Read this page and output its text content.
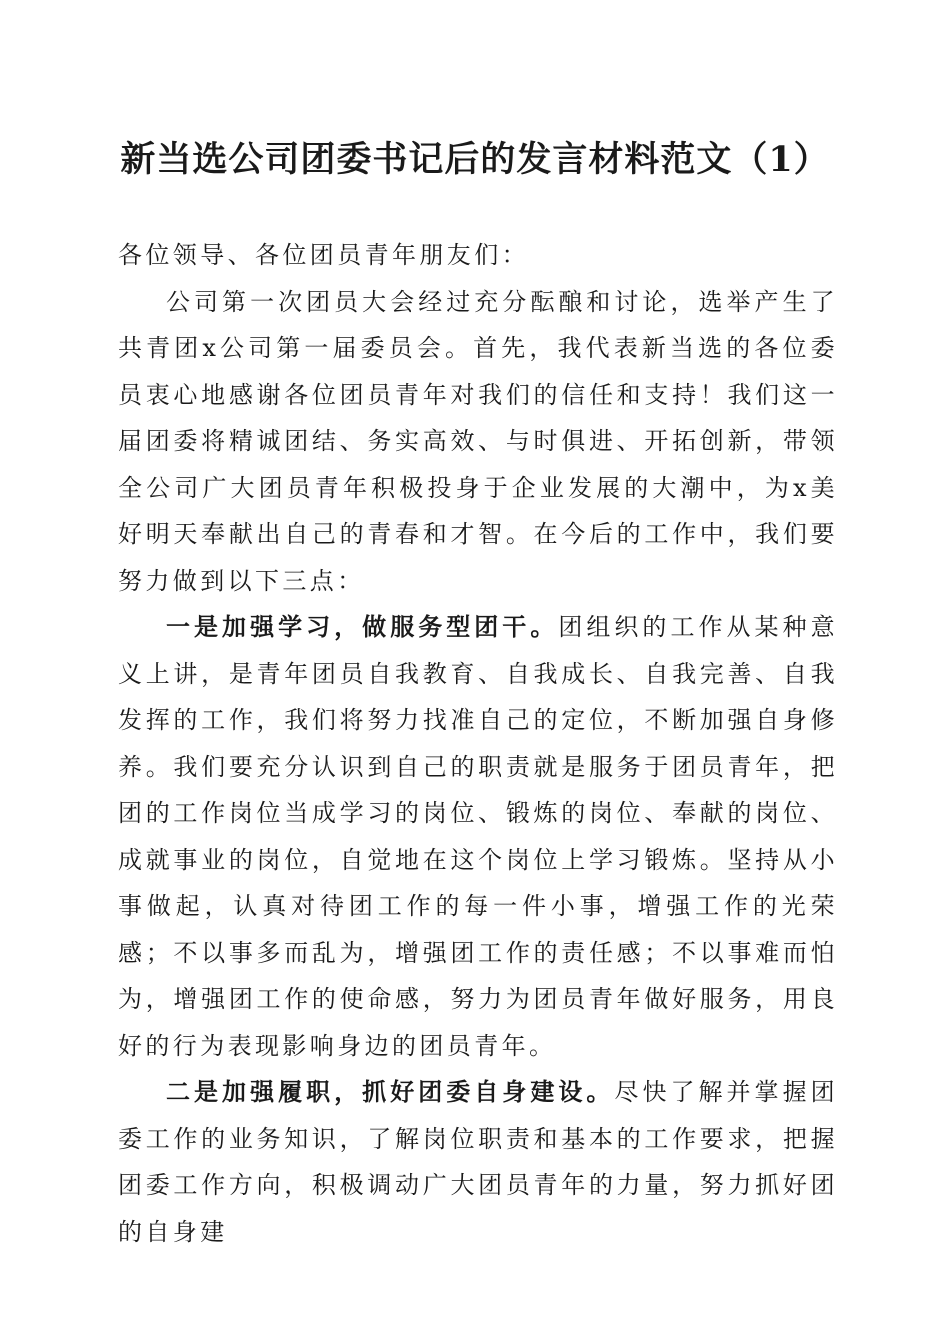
新当选公司团委书记后的发言材料范文（1）

各位领导、各位团员青年朋友们：

公司第一次团员大会经过充分酝酿和讨论，选举产生了共青团x公司第一届委员会。首先，我代表新当选的各位委员衷心地感谢各位团员青年对我们的信任和支持！我们这一届团委将精诚团结、务实高效、与时俱进、开拓创新，带领全公司广大团员青年积极投身于企业发展的大潮中，为x美好明天奉献出自己的青春和才智。在今后的工作中，我们要努力做到以下三点：

一是加强学习，做服务型团干。团组织的工作从某种意义上讲，是青年团员自我教育、自我成长、自我完善、自我发挥的工作，我们将努力找准自己的定位，不断加强自身修养。我们要充分认识到自己的职责就是服务于团员青年，把团的工作岗位当成学习的岗位、锻炼的岗位、奉献的岗位、成就事业的岗位，自觉地在这个岗位上学习锻炼。坚持从小事做起，认真对待团工作的每一件小事，增强工作的光荣感；不以事多而乱为，增强团工作的责任感；不以事难而怕为，增强团工作的使命感，努力为团员青年做好服务，用良好的行为表现影响身边的团员青年。

二是加强履职，抓好团委自身建设。尽快了解并掌握团委工作的业务知识，了解岗位职责和基本的工作要求，把握团委工作方向，积极调动广大团员青年的力量，努力抓好团的自身建
